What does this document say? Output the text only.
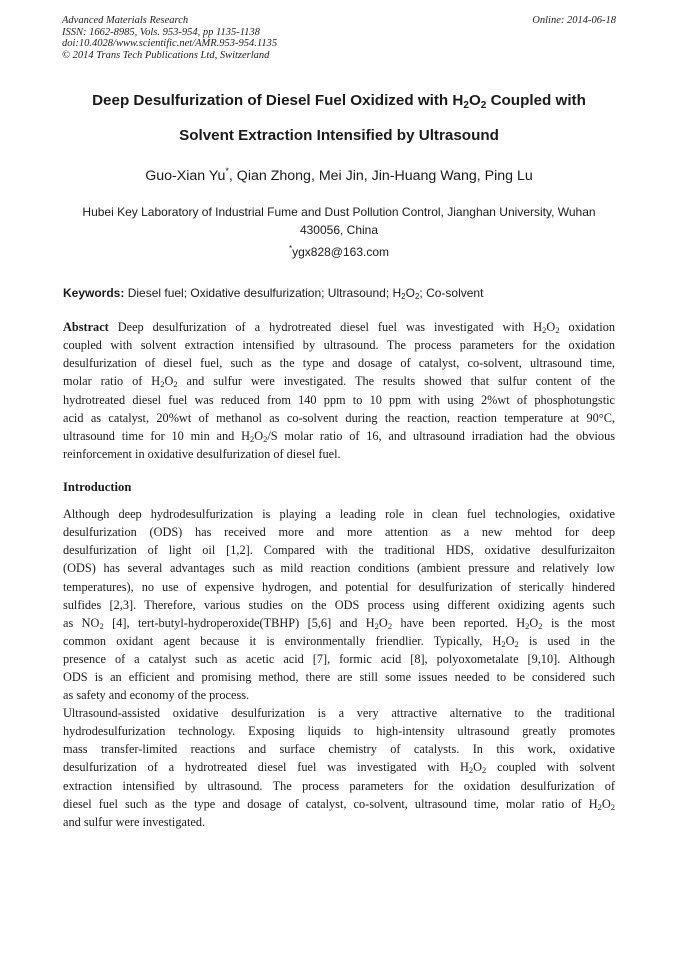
Advanced Materials Research
ISSN: 1662-8985, Vols. 953-954, pp 1135-1138
doi:10.4028/www.scientific.net/AMR.953-954.1135
© 2014 Trans Tech Publications Ltd, Switzerland
Online: 2014-06-18
Deep Desulfurization of Diesel Fuel Oxidized with $H_2O_2$ Coupled with
Solvent Extraction Intensified by Ultrasound
Guo-Xian Yu*, Qian Zhong, Mei Jin, Jin-Huang Wang, Ping Lu
Hubei Key Laboratory of Industrial Fume and Dust Pollution Control, Jianghan University, Wuhan
430056, China
*ygx828@163.com
Keywords: Diesel fuel; Oxidative desulfurization; Ultrasound; $H_2O_2$; Co-solvent
Abstract Deep desulfurization of a hydrotreated diesel fuel was investigated with $H_2O_2$ oxidation
coupled with solvent extraction intensified by ultrasound. The process parameters for the oxidation
desulfurization of diesel fuel, such as the type and dosage of catalyst, co-solvent, ultrasound time,
molar ratio of $H_2O_2$ and sulfur were investigated. The results showed that sulfur content of the
hydrotreated diesel fuel was reduced from 140 ppm to 10 ppm with using 2%wt of phosphotungstic
acid as catalyst, 20%wt of methanol as co-solvent during the reaction, reaction temperature at 90°C,
ultrasound time for 10 min and $H_2O_2/S$ molar ratio of 16, and ultrasound irradiation had the obvious
reinforcement in oxidative desulfurization of diesel fuel.
Introduction
Although deep hydrodesulfurization is playing a leading role in clean fuel technologies, oxidative
desulfurization (ODS) has received more and more attention as a new mehtod for deep
desulfurization of light oil [1,2]. Compared with the traditional HDS, oxidative desulfurizaiton
(ODS) has several advantages such as mild reaction conditions (ambient pressure and relatively low
temperatures), no use of expensive hydrogen, and potential for desulfurization of sterically hindered
sulfides [2,3]. Therefore, various studies on the ODS process using different oxidizing agents such
as $NO_2$ [4], tert-butyl-hydroperoxide(TBHP) [5,6] and $H_2O_2$ have been reported. $H_2O_2$ is the most
common oxidant agent because it is environmentally friendlier. Typically, $H_2O_2$ is used in the
presence of a catalyst such as acetic acid [7], formic acid [8], polyoxometalate [9,10]. Although
ODS is an efficient and promising method, there are still some issues needed to be considered such
as safety and economy of the process.
Ultrasound-assisted oxidative desulfurization is a very attractive alternative to the traditional
hydrodesulfurization technology. Exposing liquids to high-intensity ultrasound greatly promotes
mass transfer-limited reactions and surface chemistry of catalysts. In this work, oxidative
desulfurization of a hydrotreated diesel fuel was investigated with $H_2O_2$ coupled with solvent
extraction intensified by ultrasound. The process parameters for the oxidation desulfurization of
diesel fuel such as the type and dosage of catalyst, co-solvent, ultrasound time, molar ratio of $H_2O_2$
and sulfur were investigated.
